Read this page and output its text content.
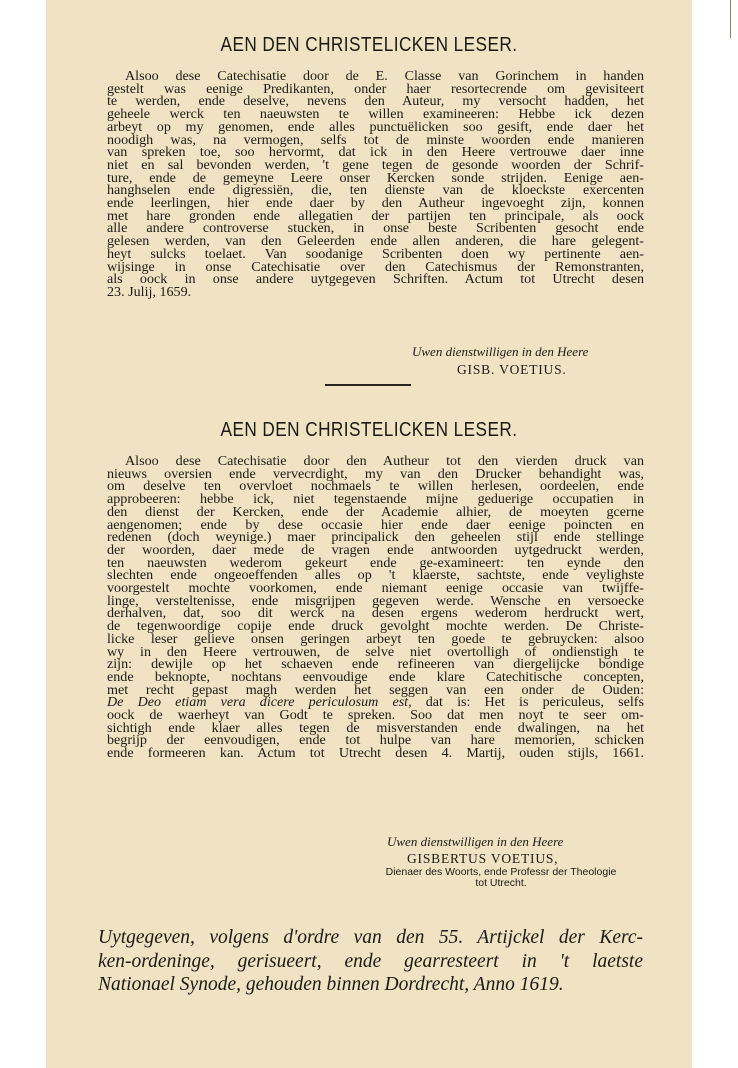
AEN DEN CHRISTELICKEN LESER.
Alsoo dese Catechisatie door de E. Classe van Gorinchem in handen
gestelt was eenige Predikanten, onder haer resortecrende om gevisiteert
te werden, ende deselve, nevens den Auteur, my versocht hadden, het
geheele werck ten naeuwsten te willen examineeren: Hebbe ick dezen
arbeyt op my genomen, ende alles punctuëlicken soo gesift, ende daer het
noodigh was, na vermogen, selfs tot de minste woorden ende manieren
van spreken toe, soo hervormt, dat ick in den Heere vertrouwe daer inne
niet en sal bevonden werden, 't gene tegen de gesonde woorden der Schrif-
ture, ende de gemeyne Leere onser Kercken sonde strijden. Eenige aen-
hanghselen ende digressiën, die, ten dienste van de kloeckste exercenten
ende leerlingen, hier ende daer by den Autheur ingevoeght zijn, konnen
met hare gronden ende allegatien der partijen ten principale, als oock
alle andere controverse stucken, in onse beste Scribenten gesocht ende
gelesen werden, van den Geleerden ende allen anderen, die hare gelegent-
heyt sulcks toelaet. Van soodanige Scribenten doen wy pertinente aen-
wijsinge in onse Catechisatie over den Catechismus der Remonstranten,
als oock in onse andere uytgegeven Schriften. Actum tot Utrecht desen
23. Julij, 1659.
Uwen dienstwilligen in den Heere
GISB. VOETIUS.
AEN DEN CHRISTELICKEN LESER.
Alsoo dese Catechisatie door den Autheur tot den vierden druck van
nieuws oversien ende vervecrdight, my van den Drucker behandight was,
om deselve ten overvloet nochmaels te willen herlesen, oordeelen, ende
approbeeren: hebbe ick, niet tegenstaende mijne geduerige occupatien in
den dienst der Kercken, ende der Academie alhier, de moeyten gcerne
aengenomen; ende by dese occasie hier ende daer eenige poincten en
redenen (doch weynige.) maer principalick den geheelen stijl ende stellinge
der woorden, daer mede de vragen ende antwoorden uytgedruckt werden,
ten naeuwsten wederom gekeurt ende ge-examineert: ten eynde den
slechten ende ongeoeffenden alles op 't klaerste, sachtste, ende veylighste
voorgestelt mochte voorkomen, ende niemant eenige occasie van twijffe-
linge, versteltenisse, ende misgrijpen gegeven werde. Wensche en versoecke
derhalven, dat, soo dit werck na desen ergens wederom herdruckt wert,
de tegenwoordige copije ende druck gevolght mochte werden. De Christe-
licke leser gelieve onsen geringen arbeyt ten goede te gebruycken: alsoo
wy in den Heere vertrouwen, de selve niet overtolligh of ondienstigh te
zijn: dewijle op het schaeven ende refineeren van diergelijcke bondige
ende beknopte, nochtans eenvoudige ende klare Catechitische concepten,
met recht gepast magh werden het seggen van een onder de Ouden:
De Deo etiam vera dicere periculosum est, dat is: Het is periculeus, selfs
oock de waerheyt van Godt te spreken. Soo dat men noyt te seer om-
sichtigh ende klaer alles tegen de misverstanden ende dwalingen, na het
begrijp der eenvoudigen, ende tot hulpe van hare memorien, schicken
ende formeeren kan. Actum tot Utrecht desen 4. Martij, ouden stijls, 1661.
Uwen dienstwilligen in den Heere
GISBERTUS VOETIUS,
Dienaer des Woorts, ende Professr der Theologie
tot Utrecht.
Uytgegeven, volgens d'ordre van den 55. Artijckel der Kerc-
ken-ordeninge, gerisueert, ende gearresteert in 't laetste
Nationael Synode, gehouden binnen Dordrecht, Anno 1619.
